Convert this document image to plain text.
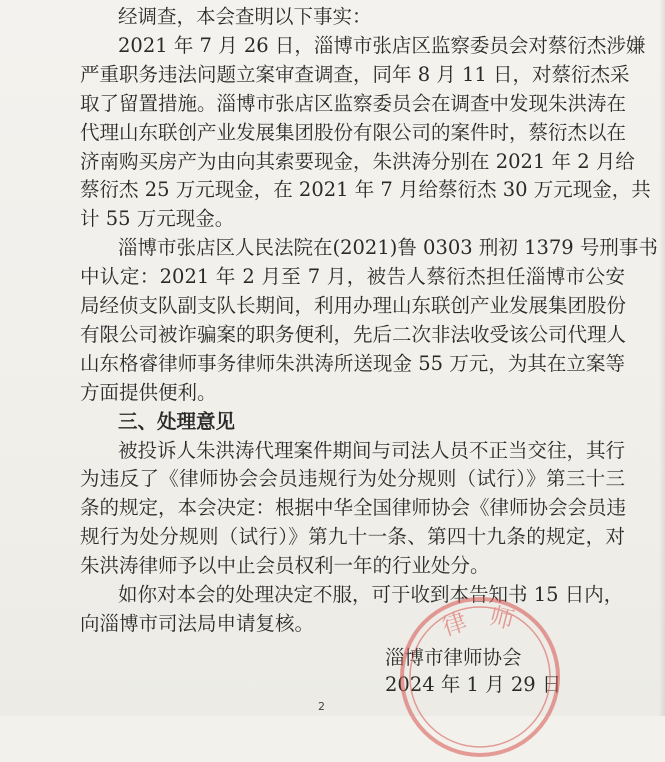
经调查，本会查明以下事实：
2021 年 7 月 26 日，淄博市张店区监察委员会对蔡衍杰涉嫌
严重职务违法问题立案审查调查，同年 8 月 11 日，对蔡衍杰采
取了留置措施。淄博市张店区监察委员会在调查中发现朱洪涛在
代理山东联创产业发展集团股份有限公司的案件时，蔡衍杰以在
济南购买房产为由向其索要现金，朱洪涛分别在 2021 年 2 月给
蔡衍杰 25 万元现金，在 2021 年 7 月给蔡衍杰 30 万元现金，共
计 55 万元现金。
淄博市张店区人民法院在(2021)鲁 0303 刑初 1379 号刑事书
中认定：2021 年 2 月至 7 月，被告人蔡衍杰担任淄博市公安
局经侦支队副支队长期间，利用办理山东联创产业发展集团股份
有限公司被诈骗案的职务便利，先后二次非法收受该公司代理人
山东格睿律师事务律师朱洪涛所送现金 55 万元，为其在立案等
方面提供便利。
三、处理意见
被投诉人朱洪涛代理案件期间与司法人员不正当交往，其行
为违反了《律师协会会员违规行为处分规则（试行）》第三十三
条的规定，本会决定：根据中华全国律师协会《律师协会会员违
规行为处分规则（试行）》第九十一条、第四十九条的规定，对
朱洪涛律师予以中止会员权利一年的行业处分。
如你对本会的处理决定不服，可于收到本告知书 15 日内，
向淄博市司法局申请复核。
淄博市律师协会
2024 年 1 月 29 日
律 师
2
